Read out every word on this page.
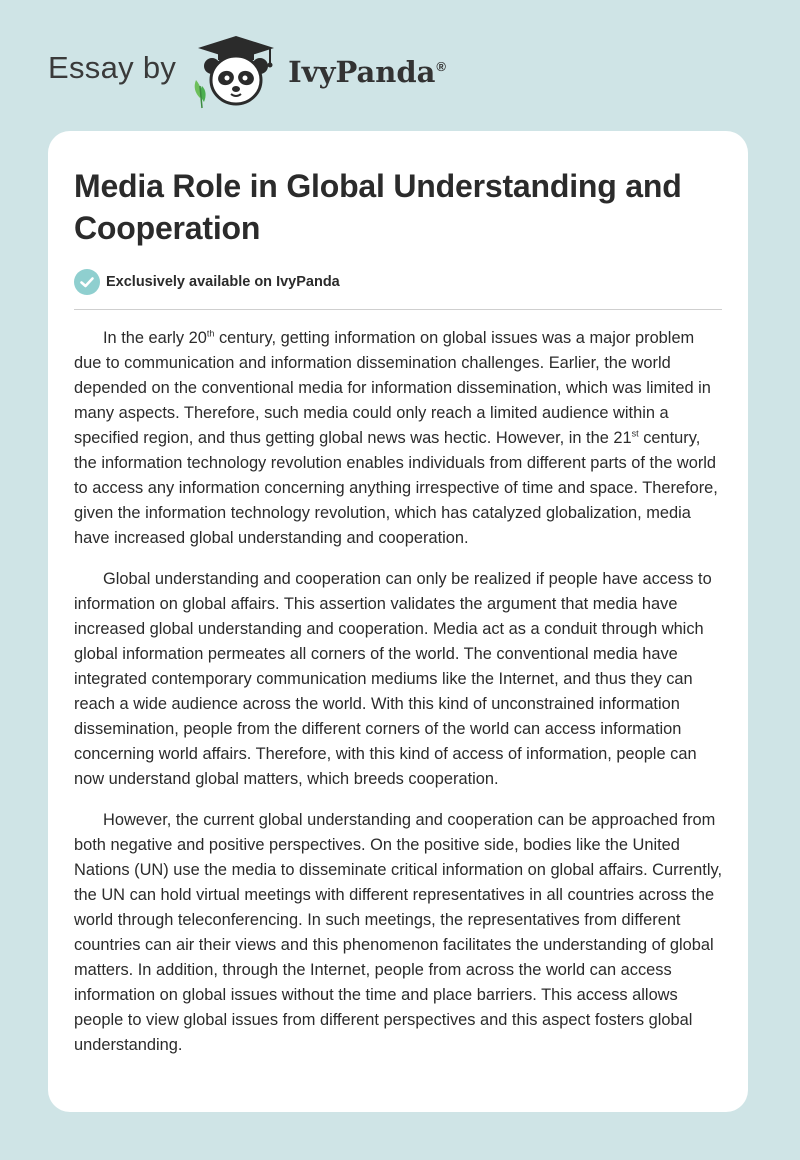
Essay by	IvyPanda®
Media Role in Global Understanding and Cooperation
Exclusively available on IvyPanda

In the early 20th century, getting information on global issues was a major problem due to communication and information dissemination challenges. Earlier, the world depended on the conventional media for information dissemination, which was limited in many aspects. Therefore, such media could only reach a limited audience within a specified region, and thus getting global news was hectic. However, in the 21st century, the information technology revolution enables individuals from different parts of the world to access any information concerning anything irrespective of time and space. Therefore, given the information technology revolution, which has catalyzed globalization, media have increased global understanding and cooperation.

Global understanding and cooperation can only be realized if people have access to information on global affairs. This assertion validates the argument that media have increased global understanding and cooperation. Media act as a conduit through which global information permeates all corners of the world. The conventional media have integrated contemporary communication mediums like the Internet, and thus they can reach a wide audience across the world. With this kind of unconstrained information dissemination, people from the different corners of the world can access information concerning world affairs. Therefore, with this kind of access of information, people can now understand global matters, which breeds cooperation.

However, the current global understanding and cooperation can be approached from both negative and positive perspectives. On the positive side, bodies like the United Nations (UN) use the media to disseminate critical information on global affairs. Currently, the UN can hold virtual meetings with different representatives in all countries across the world through teleconferencing. In such meetings, the representatives from different countries can air their views and this phenomenon facilitates the understanding of global matters. In addition, through the Internet, people from across the world can access information on global issues without the time and place barriers. This access allows people to view global issues from different perspectives and this aspect fosters global understanding.
